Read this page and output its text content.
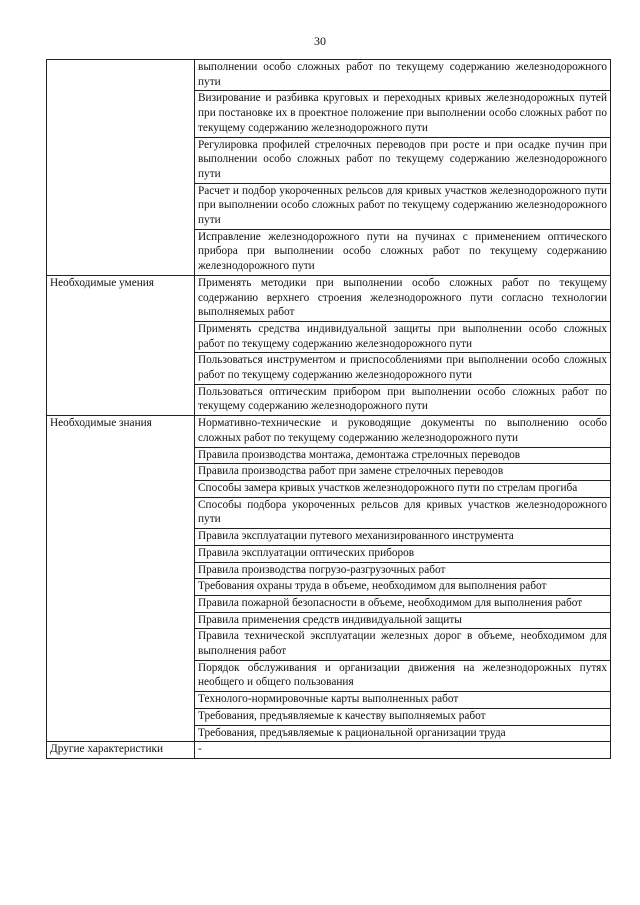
30
	выполнении особо сложных работ по текущему содержанию железнодорожного пути
	Визирование и разбивка круговых и переходных кривых железнодорожных путей при постановке их в проектное положение при выполнении особо сложных работ по текущему содержанию железнодорожного пути
	Регулировка профилей стрелочных переводов при росте и при осадке пучин при выполнении особо сложных работ по текущему содержанию железнодорожного пути
	Расчет и подбор укороченных рельсов для кривых участков железнодорожного пути при выполнении особо сложных работ по текущему содержанию железнодорожного пути
	Исправление железнодорожного пути на пучинах с применением оптического прибора при выполнении особо сложных работ по текущему содержанию железнодорожного пути
Необходимые умения	Применять методики при выполнении особо сложных работ по текущему содержанию верхнего строения железнодорожного пути согласно технологии выполняемых работ
	Применять средства индивидуальной защиты при выполнении особо сложных работ по текущему содержанию железнодорожного пути
	Пользоваться инструментом и приспособлениями при выполнении особо сложных работ по текущему содержанию железнодорожного пути
	Пользоваться оптическим прибором при выполнении особо сложных работ по текущему содержанию железнодорожного пути
Необходимые знания	Нормативно-технические и руководящие документы по выполнению особо сложных работ по текущему содержанию железнодорожного пути
	Правила производства монтажа, демонтажа стрелочных переводов
	Правила производства работ при замене стрелочных переводов
	Способы замера кривых участков железнодорожного пути по стрелам прогиба
	Способы подбора укороченных рельсов для кривых участков железнодорожного пути
	Правила эксплуатации путевого механизированного инструмента
	Правила эксплуатации оптических приборов
	Правила производства погрузо-разгрузочных работ
	Требования охраны труда в объеме, необходимом для выполнения работ
	Правила пожарной безопасности в объеме, необходимом для выполнения работ
	Правила применения средств индивидуальной защиты
	Правила технической эксплуатации железных дорог в объеме, необходимом для выполнения работ
	Порядок обслуживания и организации движения на железнодорожных путях необщего и общего пользования
	Технолого-нормировочные карты выполненных работ
	Требования, предъявляемые к качеству выполняемых работ
	Требования, предъявляемые к рациональной организации труда
Другие характеристики	-
